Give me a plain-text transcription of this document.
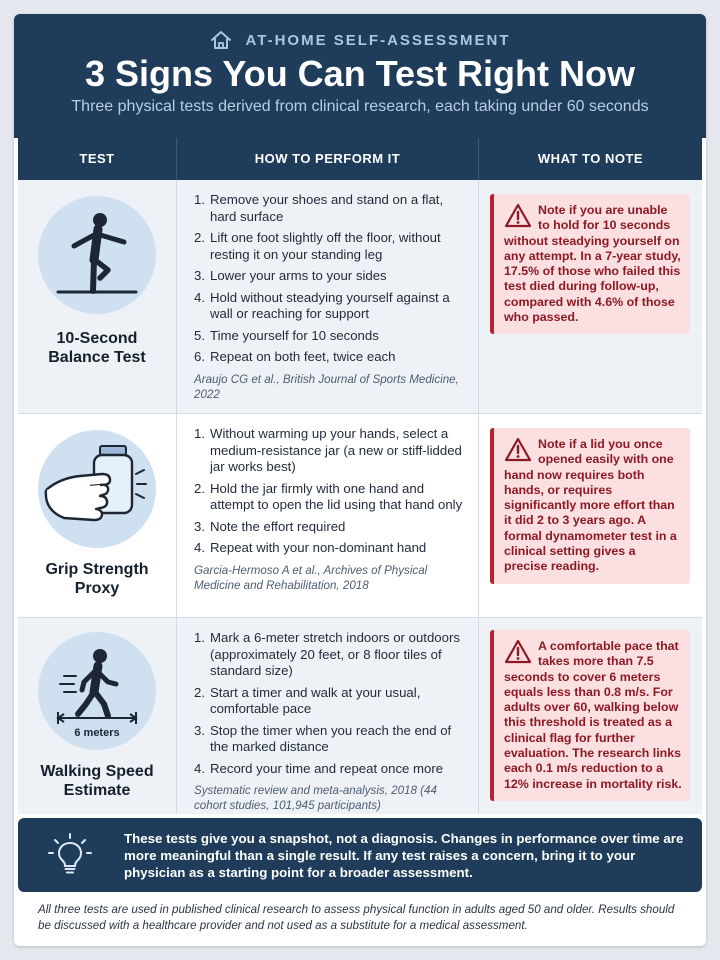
AT-HOME SELF-ASSESSMENT
3 Signs You Can Test Right Now
Three physical tests derived from clinical research, each taking under 60 seconds
TEST	HOW TO PERFORM IT	WHAT TO NOTE
10-Second
Balance Test
1. Remove your shoes and stand on a flat, hard surface
2. Lift one foot slightly off the floor, without resting it on your standing leg
3. Lower your arms to your sides
4. Hold without steadying yourself against a wall or reaching for support
5. Time yourself for 10 seconds
6. Repeat on both feet, twice each
Araujo CG et al., British Journal of Sports Medicine, 2022
Note if you are unable to hold for 10 seconds without steadying yourself on any attempt. In a 7-year study, 17.5% of those who failed this test died during follow-up, compared with 4.6% of those who passed.
Grip Strength
Proxy
1. Without warming up your hands, select a medium-resistance jar (a new or stiff-lidded jar works best)
2. Hold the jar firmly with one hand and attempt to open the lid using that hand only
3. Note the effort required
4. Repeat with your non-dominant hand
Garcia-Hermoso A et al., Archives of Physical Medicine and Rehabilitation, 2018
Note if a lid you once opened easily with one hand now requires both hands, or requires significantly more effort than it did 2 to 3 years ago. A formal dynamometer test in a clinical setting gives a precise reading.
6 meters
Walking Speed
Estimate
1. Mark a 6-meter stretch indoors or outdoors (approximately 20 feet, or 8 floor tiles of standard size)
2. Start a timer and walk at your usual, comfortable pace
3. Stop the timer when you reach the end of the marked distance
4. Record your time and repeat once more
Systematic review and meta-analysis, 2018 (44 cohort studies, 101,945 participants)
A comfortable pace that takes more than 7.5 seconds to cover 6 meters equals less than 0.8 m/s. For adults over 60, walking below this threshold is treated as a clinical flag for further evaluation. The research links each 0.1 m/s reduction to a 12% increase in mortality risk.
These tests give you a snapshot, not a diagnosis. Changes in performance over time are more meaningful than a single result. If any test raises a concern, bring it to your physician as a starting point for a broader assessment.
All three tests are used in published clinical research to assess physical function in adults aged 50 and older. Results should be discussed with a healthcare provider and not used as a substitute for a medical assessment.
